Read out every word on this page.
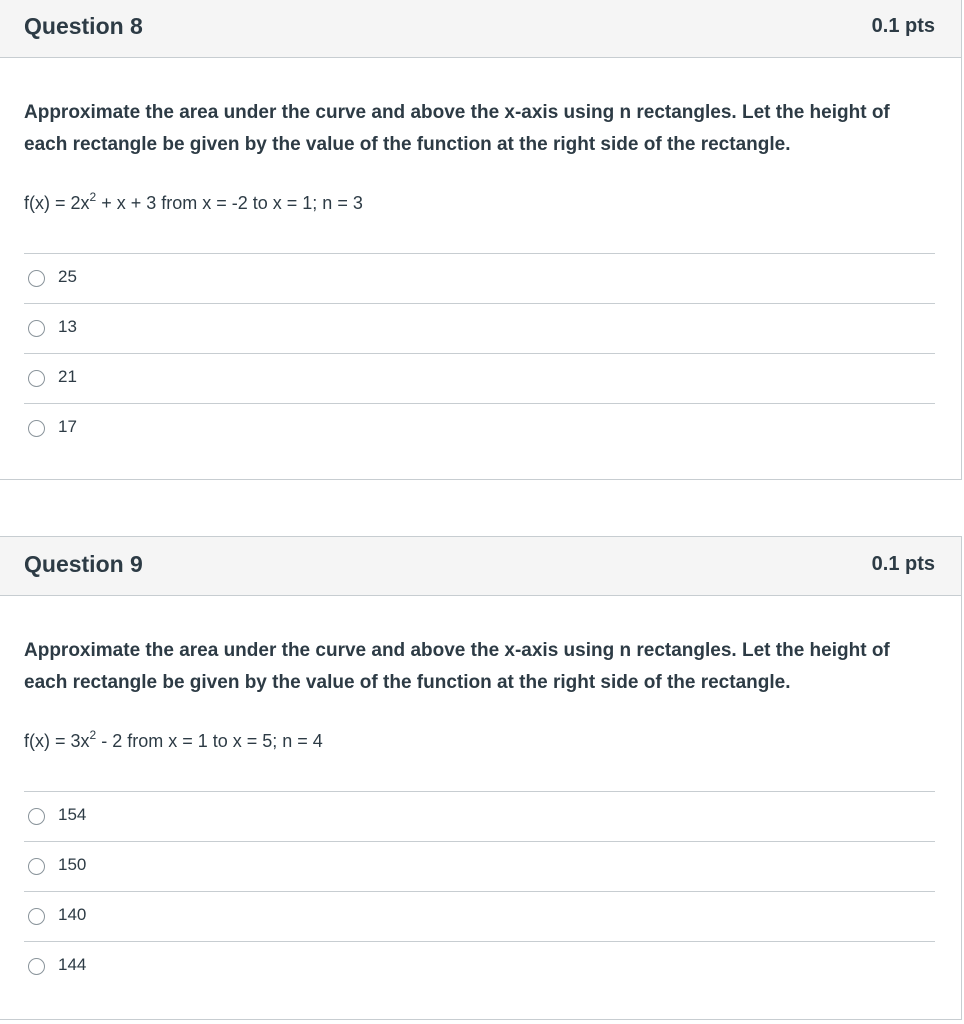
Question 8	0.1 pts
Approximate the area under the curve and above the x-axis using n rectangles. Let the height of each rectangle be given by the value of the function at the right side of the rectangle.
$f(x) = 2x^2 + x + 3$ from x = -2 to x = 1; n = 3
25
13
21
17
Question 9	0.1 pts
Approximate the area under the curve and above the x-axis using n rectangles. Let the height of each rectangle be given by the value of the function at the right side of the rectangle.
$f(x) = 3x^2 - 2$ from x = 1 to x = 5; n = 4
154
150
140
144
